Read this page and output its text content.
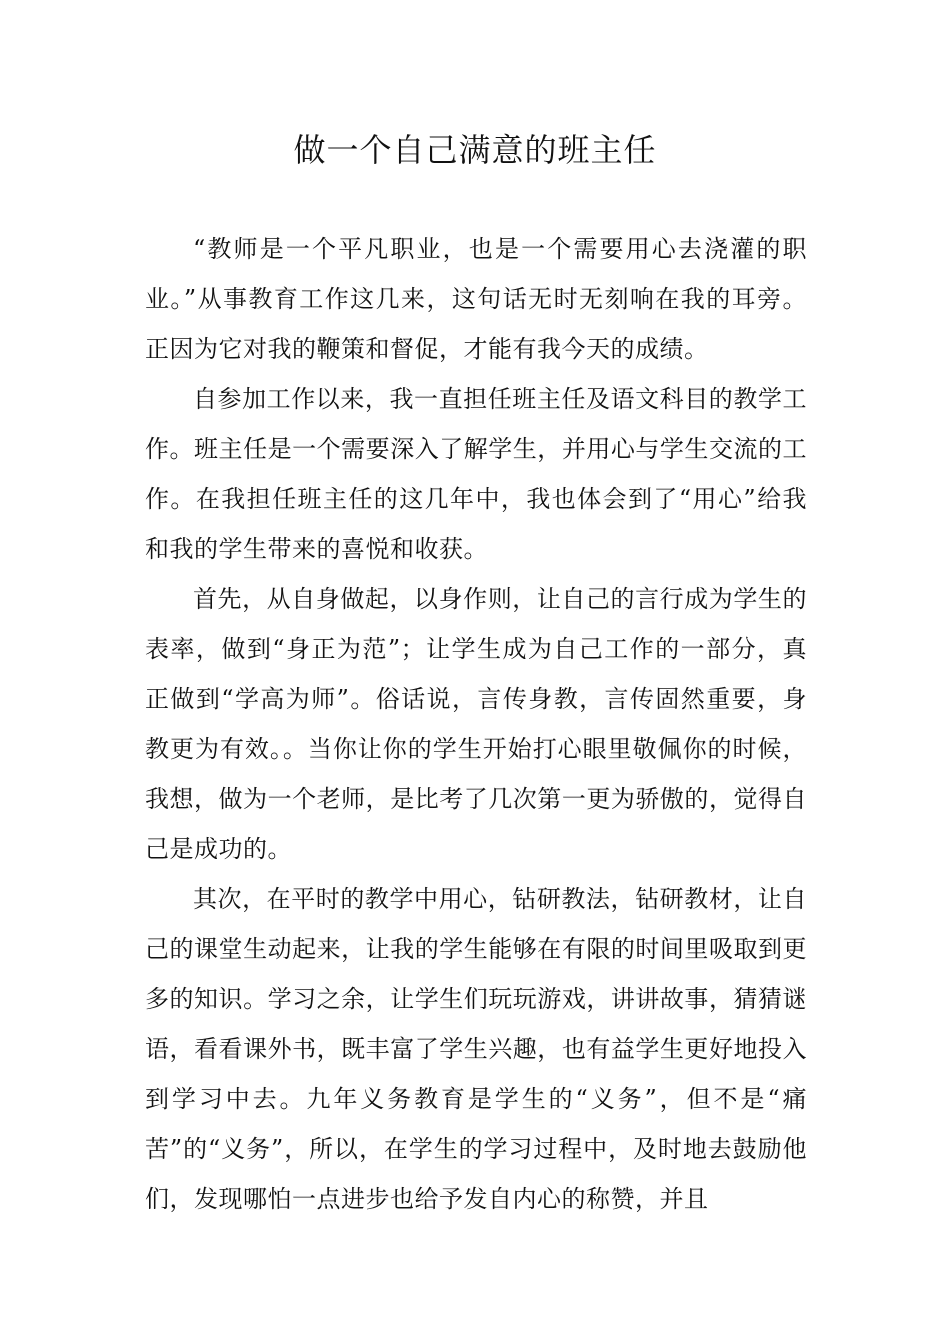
做一个自己满意的班主任

“教师是一个平凡职业，也是一个需要用心去浇灌的职业。”从事教育工作这几来，这句话无时无刻响在我的耳旁。正因为它对我的鞭策和督促，才能有我今天的成绩。

自参加工作以来，我一直担任班主任及语文科目的教学工作。班主任是一个需要深入了解学生，并用心与学生交流的工作。在我担任班主任的这几年中，我也体会到了“用心”给我和我的学生带来的喜悦和收获。

首先，从自身做起，以身作则，让自己的言行成为学生的表率，做到“身正为范”；让学生成为自己工作的一部分，真正做到“学高为师”。俗话说，言传身教，言传固然重要，身教更为有效。。当你让你的学生开始打心眼里敬佩你的时候，我想，做为一个老师，是比考了几次第一更为骄傲的，觉得自己是成功的。

其次，在平时的教学中用心，钻研教法，钻研教材，让自己的课堂生动起来，让我的学生能够在有限的时间里吸取到更多的知识。学习之余，让学生们玩玩游戏，讲讲故事，猜猜谜语，看看课外书，既丰富了学生兴趣，也有益学生更好地投入到学习中去。九年义务教育是学生的“义务”，但不是“痛苦”的“义务”，所以，在学生的学习过程中，及时地去鼓励他们，发现哪怕一点进步也给予发自内心的称赞，并且
